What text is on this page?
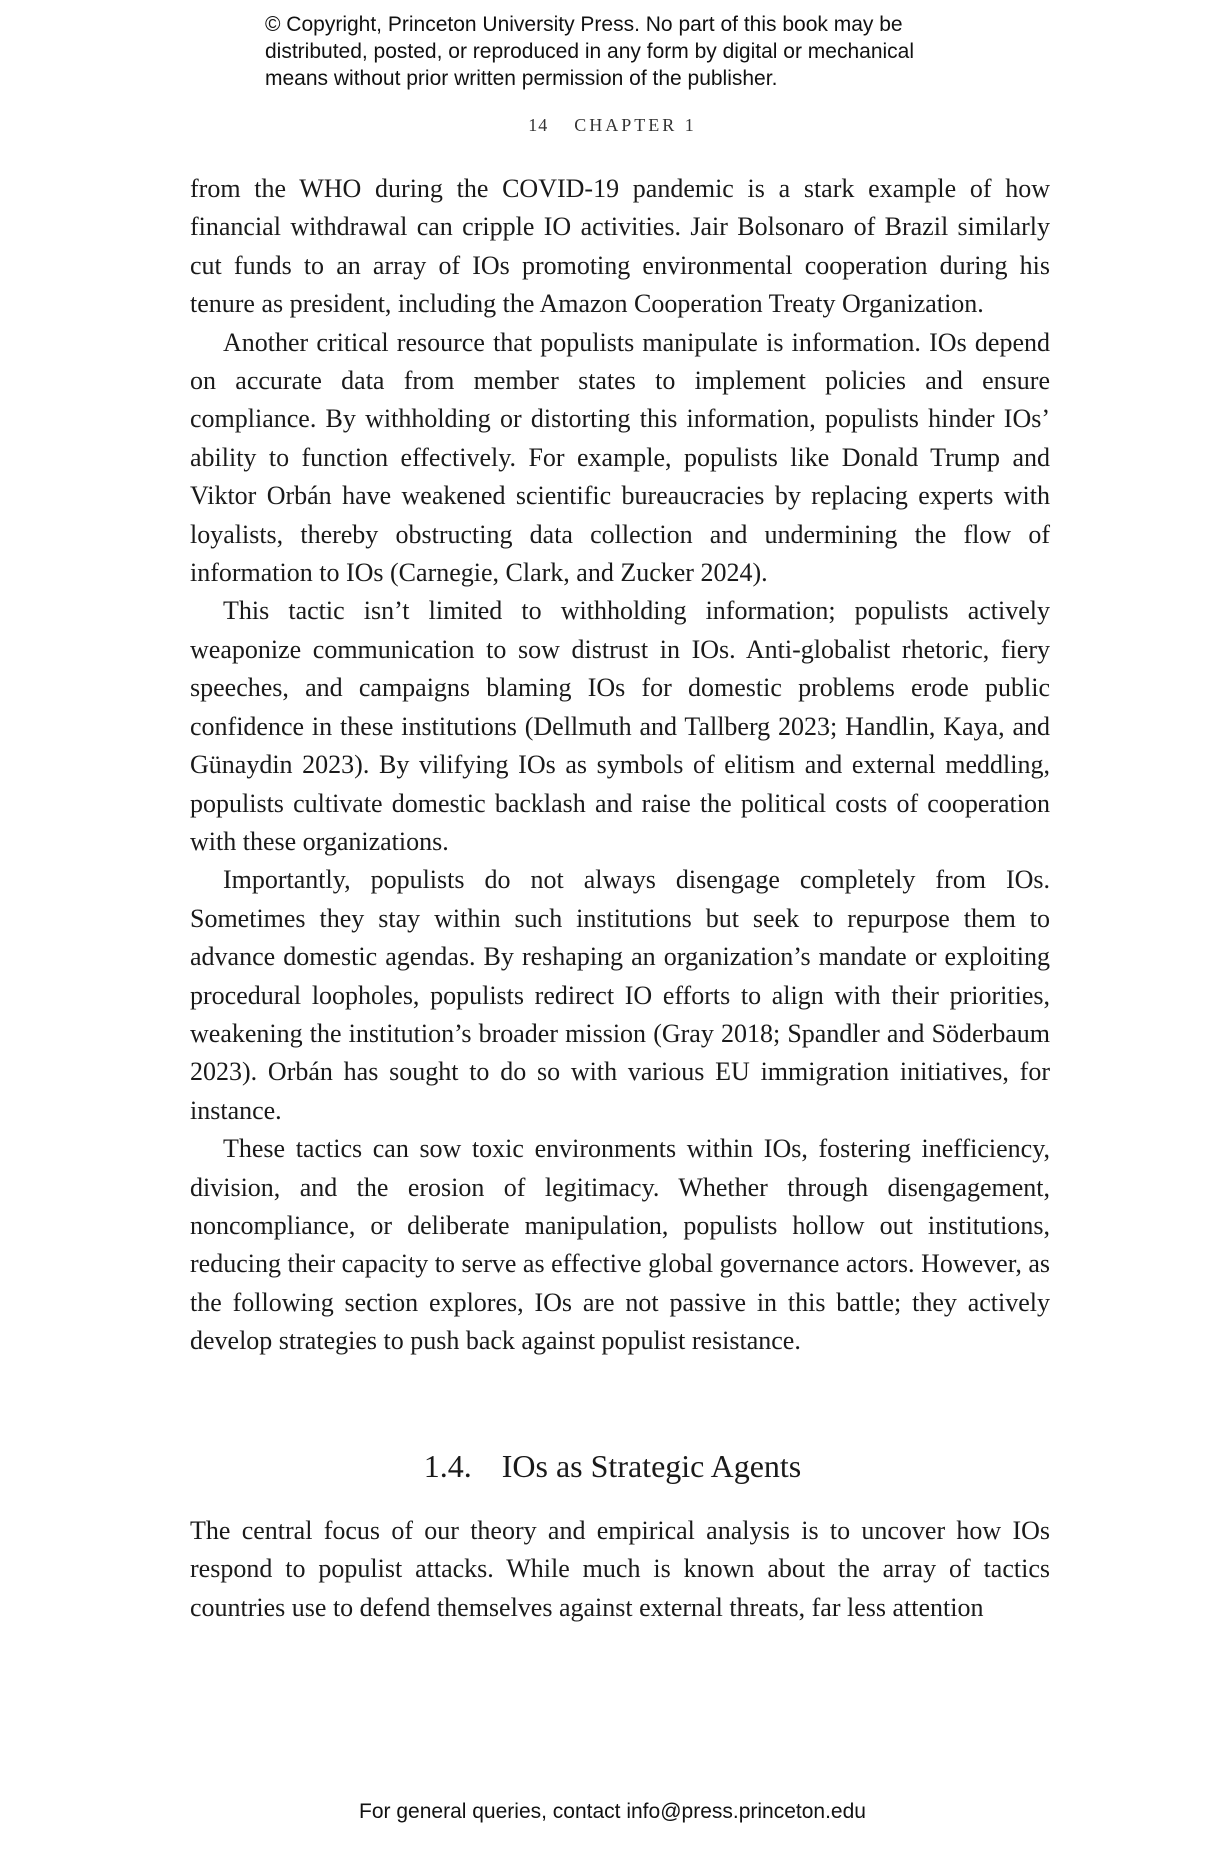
© Copyright, Princeton University Press. No part of this book may be
distributed, posted, or reproduced in any form by digital or mechanical
means without prior written permission of the publisher.
14 CHAPTER 1

from the WHO during the COVID-19 pandemic is a stark example of how financial withdrawal can cripple IO activities. Jair Bolsonaro of Brazil similarly cut funds to an array of IOs promoting environmental cooperation during his tenure as president, including the Amazon Cooperation Treaty Organization.

Another critical resource that populists manipulate is information. IOs depend on accurate data from member states to implement policies and ensure compliance. By withholding or distorting this information, populists hinder IOs’ ability to function effectively. For example, populists like Donald Trump and Viktor Orbán have weakened scientific bureaucracies by replacing experts with loyalists, thereby obstructing data collection and undermining the flow of information to IOs (Carnegie, Clark, and Zucker 2024).

This tactic isn’t limited to withholding information; populists actively weaponize communication to sow distrust in IOs. Anti-globalist rhetoric, fiery speeches, and campaigns blaming IOs for domestic problems erode public confidence in these institutions (Dellmuth and Tallberg 2023; Handlin, Kaya, and Günaydin 2023). By vilifying IOs as symbols of elitism and external meddling, populists cultivate domestic backlash and raise the political costs of cooperation with these organizations.

Importantly, populists do not always disengage completely from IOs. Sometimes they stay within such institutions but seek to repurpose them to advance domestic agendas. By reshaping an organization’s mandate or exploiting procedural loopholes, populists redirect IO efforts to align with their priorities, weakening the institution’s broader mission (Gray 2018; Spandler and Söderbaum 2023). Orbán has sought to do so with various EU immigration initiatives, for instance.

These tactics can sow toxic environments within IOs, fostering inefficiency, division, and the erosion of legitimacy. Whether through disengagement, noncompliance, or deliberate manipulation, populists hollow out institutions, reducing their capacity to serve as effective global governance actors. However, as the following section explores, IOs are not passive in this battle; they actively develop strategies to push back against populist resistance.

1.4. IOs as Strategic Agents

The central focus of our theory and empirical analysis is to uncover how IOs respond to populist attacks. While much is known about the array of tactics countries use to defend themselves against external threats, far less attention

For general queries, contact info@press.princeton.edu
